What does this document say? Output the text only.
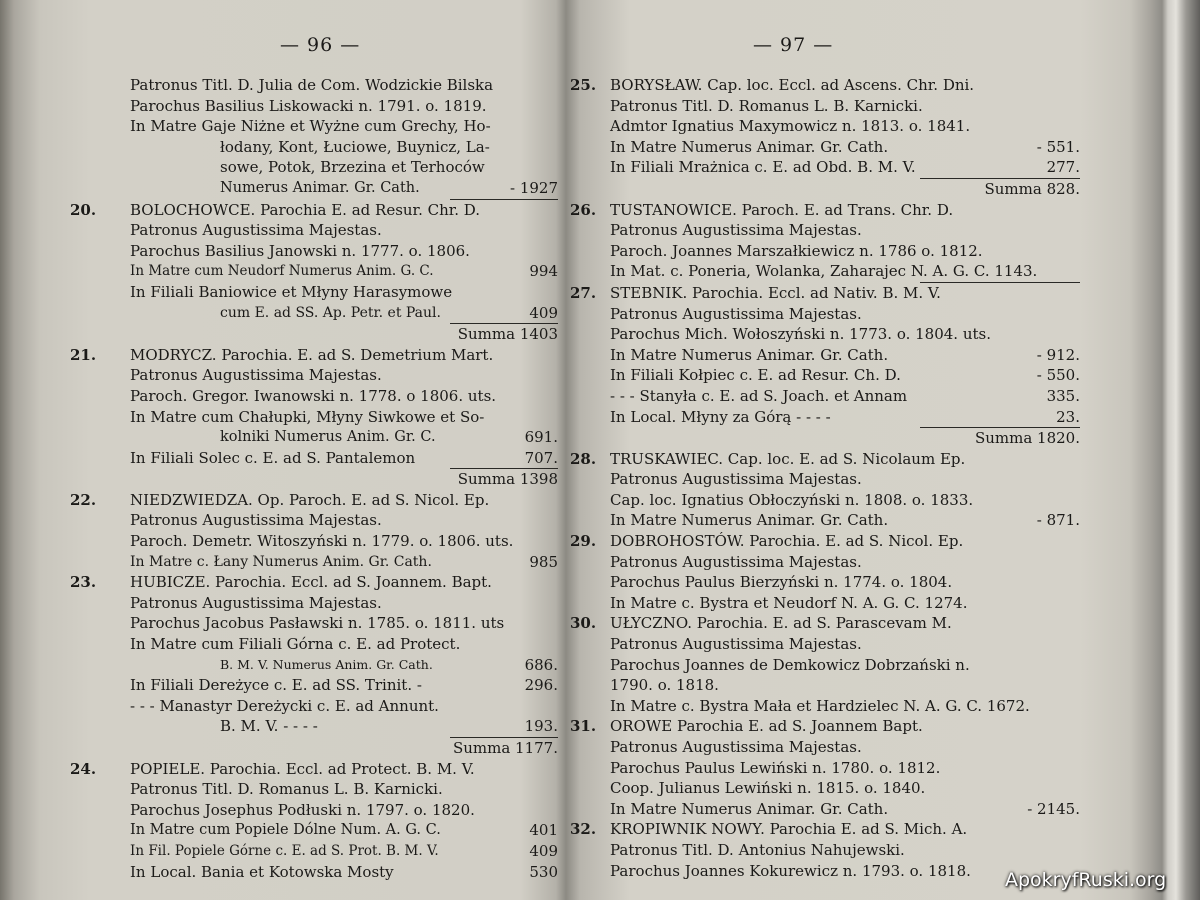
— 96 —
Patronus Titl. D. Julia de Com. Wodzickie Bilska
Parochus Basilius Liskowacki n. 1791. o. 1819.
In Matre Gaje Niżne et Wyżne cum Grechy, Ho-
łodany, Kont, Łuciowe, Buynicz, La-
sowe, Potok, Brzezina et Terhoców
Numerus Animar. Gr. Cath.	- 1927
20. BOLOCHOWCE. Parochia E. ad Resur. Chr. D.
Patronus Augustissima Majestas.
Parochus Basilius Janowski n. 1777. o. 1806.
In Matre cum Neudorf Numerus Anim. G. C.	994
In Filiali Baniowice et Młyny Harasymowe
cum E. ad SS. Ap. Petr. et Paul.	409
Summa 1403
21. MODRYCZ. Parochia. E. ad S. Demetrium Mart.
Patronus Augustissima Majestas.
Paroch. Gregor. Iwanowski n. 1778. o 1806. uts.
In Matre cum Chałupki, Młyny Siwkowe et So-
kolniki Numerus Anim. Gr. C.	691.
In Filiali Solec c. E. ad S. Pantalemon	707.
Summa 1398
22. NIEDZWIEDZA. Op. Paroch. E. ad S. Nicol. Ep.
Patronus Augustissima Majestas.
Paroch. Demetr. Witoszyński n. 1779. o. 1806. uts.
In Matre c. Łany Numerus Anim. Gr. Cath.	985
23. HUBICZE. Parochia. Eccl. ad S. Joannem. Bapt.
Patronus Augustissima Majestas.
Parochus Jacobus Pasławski n. 1785. o. 1811. uts
In Matre cum Filiali Górna c. E. ad Protect.
B. M. V. Numerus Anim. Gr. Cath.	686.
In Filiali Dereżyce c. E. ad SS. Trinit. -	296.
- - - Manastyr Dereżycki c. E. ad Annunt.
B. M. V. - - - -	193.
Summa 1177.
24. POPIELE. Parochia. Eccl. ad Protect. B. M. V.
Patronus Titl. D. Romanus L. B. Karnicki.
Parochus Josephus Podłuski n. 1797. o. 1820.
In Matre cum Popiele Dólne Num. A. G. C.	401
In Fil. Popiele Górne c. E. ad S. Prot. B. M. V.	409
In Local. Bania et Kotowska Mosty	530
— 97 —
25. BORYSŁAW. Cap. loc. Eccl. ad Ascens. Chr. Dni.
Patronus Titl. D. Romanus L. B. Karnicki.
Admtor Ignatius Maxymowicz n. 1813. o. 1841.
In Matre Numerus Animar. Gr. Cath.	- 551.
In Filiali Mrażnica c. E. ad Obd. B. M. V.	277.
Summa 828.
26. TUSTANOWICE. Paroch. E. ad Trans. Chr. D.
Patronus Augustissima Majestas.
Paroch. Joannes Marszałkiewicz n. 1786 o. 1812.
In Mat. c. Poneria, Wolanka, Zaharajec N. A. G. C. 1143.
27. STEBNIK. Parochia. Eccl. ad Nativ. B. M. V.
Patronus Augustissima Majestas.
Parochus Mich. Wołoszyński n. 1773. o. 1804. uts.
In Matre Numerus Animar. Gr. Cath.	- 912.
In Filiali Kołpiec c. E. ad Resur. Ch. D.	- 550.
- - - Stanyła c. E. ad S. Joach. et Annam	335.
In Local. Młyny za Górą - - - -	23.
Summa 1820.
28. TRUSKAWIEC. Cap. loc. E. ad S. Nicolaum Ep.
Patronus Augustissima Majestas.
Cap. loc. Ignatius Obłoczyński n. 1808. o. 1833.
In Matre Numerus Animar. Gr. Cath.	- 871.
29. DOBROHOSTÓW. Parochia. E. ad S. Nicol. Ep.
Patronus Augustissima Majestas.
Parochus Paulus Bierzyński n. 1774. o. 1804.
In Matre c. Bystra et Neudorf N. A. G. C. 1274.
30. UŁYCZNO. Parochia. E. ad S. Parascevam M.
Patronus Augustissima Majestas.
Parochus Joannes de Demkowicz Dobrzański n.
1790. o. 1818.
In Matre c. Bystra Mała et Hardzielec N. A. G. C. 1672.
31. OROWE Parochia E. ad S. Joannem Bapt.
Patronus Augustissima Majestas.
Parochus Paulus Lewiński n. 1780. o. 1812.
Coop. Julianus Lewiński n. 1815. o. 1840.
In Matre Numerus Animar. Gr. Cath.	- 2145.
32. KROPIWNIK NOWY. Parochia E. ad S. Mich. A.
Patronus Titl. D. Antonius Nahujewski.
Parochus Joannes Kokurewicz n. 1793. o. 1818. ApokryfRuski.org
